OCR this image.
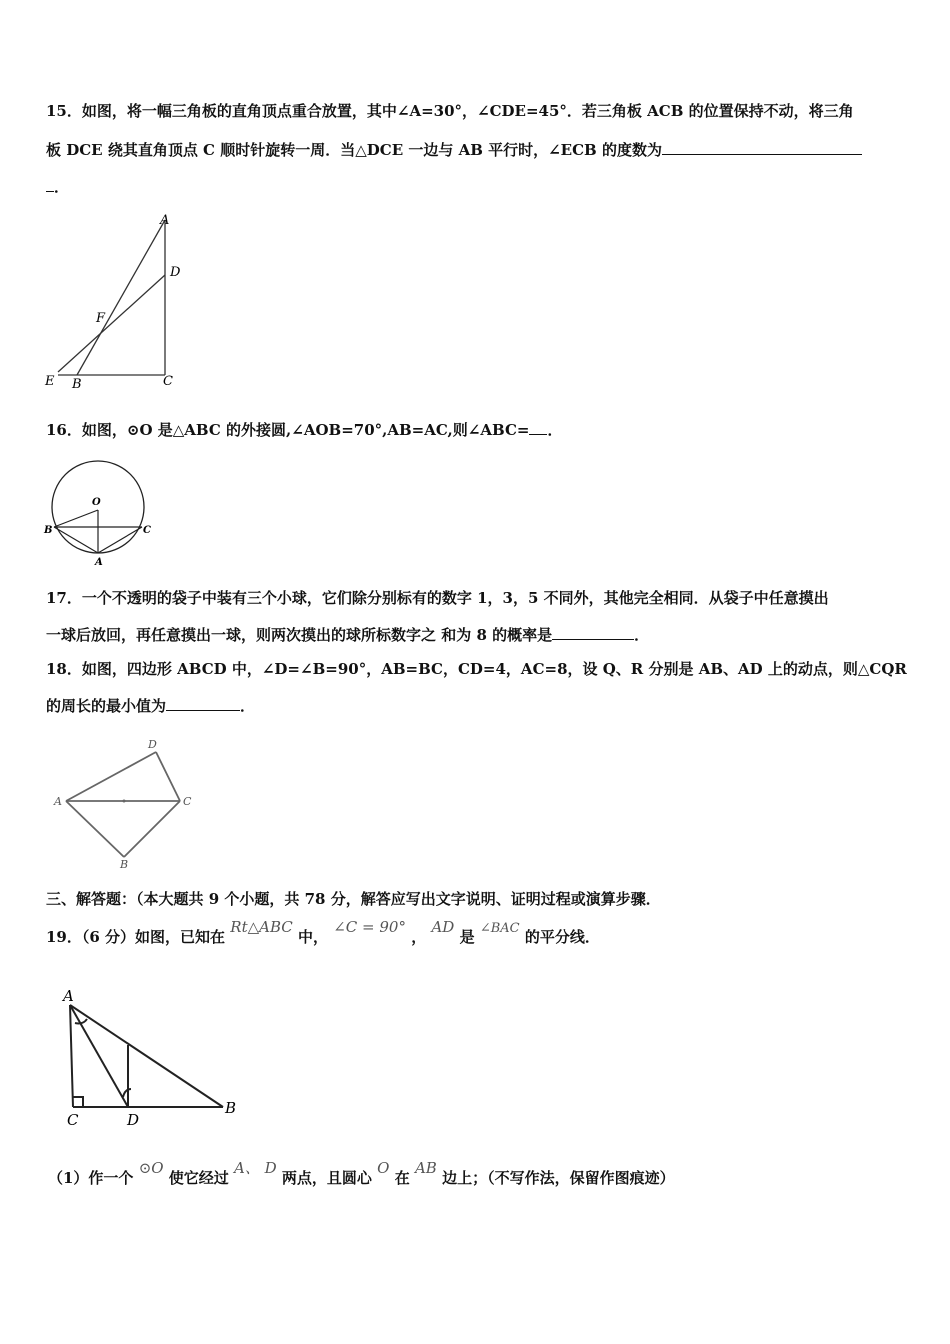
15．如图，将一幅三角板的直角顶点重合放置，其中∠A=30°，∠CDE=45°．若三角板 ACB 的位置保持不动，将三角
板 DCE 绕其直角顶点 C 顺时针旋转一周．当△DCE 一边与 AB 平行时，∠ECB 的度数为
．
A
D
F
E B	C
16．如图，⊙O 是△ABC 的外接圆,∠AOB=70°,AB=AC,则∠ABC= ．
O
B	C
A
17．一个不透明的袋子中装有三个小球，它们除分别标有的数字 1，3，5 不同外，其他完全相同．从袋子中任意摸出
一球后放回，再任意摸出一球，则两次摸出的球所标数字之 和为 8 的概率是	．
18．如图，四边形 ABCD 中，∠D=∠B=90°，AB=BC，CD=4，AC=8，设 Q、R 分别是 AB、AD 上的动点，则△CQR
的周长的最小值为	．
D
A	C
B
三、解答题：（本大题共 9 个小题，共 78 分，解答应写出文字说明、证明过程或演算步骤．
19．（6 分）如图，已知在 Rt△ABC 中， ∠C = 90° ， AD 是 ∠BAC 的平分线．
A
C	D
B
（1）作一个 ⊙O 使它经过 A、 D 两点，且圆心 O 在 AB 边上；（不写作法，保留作图痕迹）
